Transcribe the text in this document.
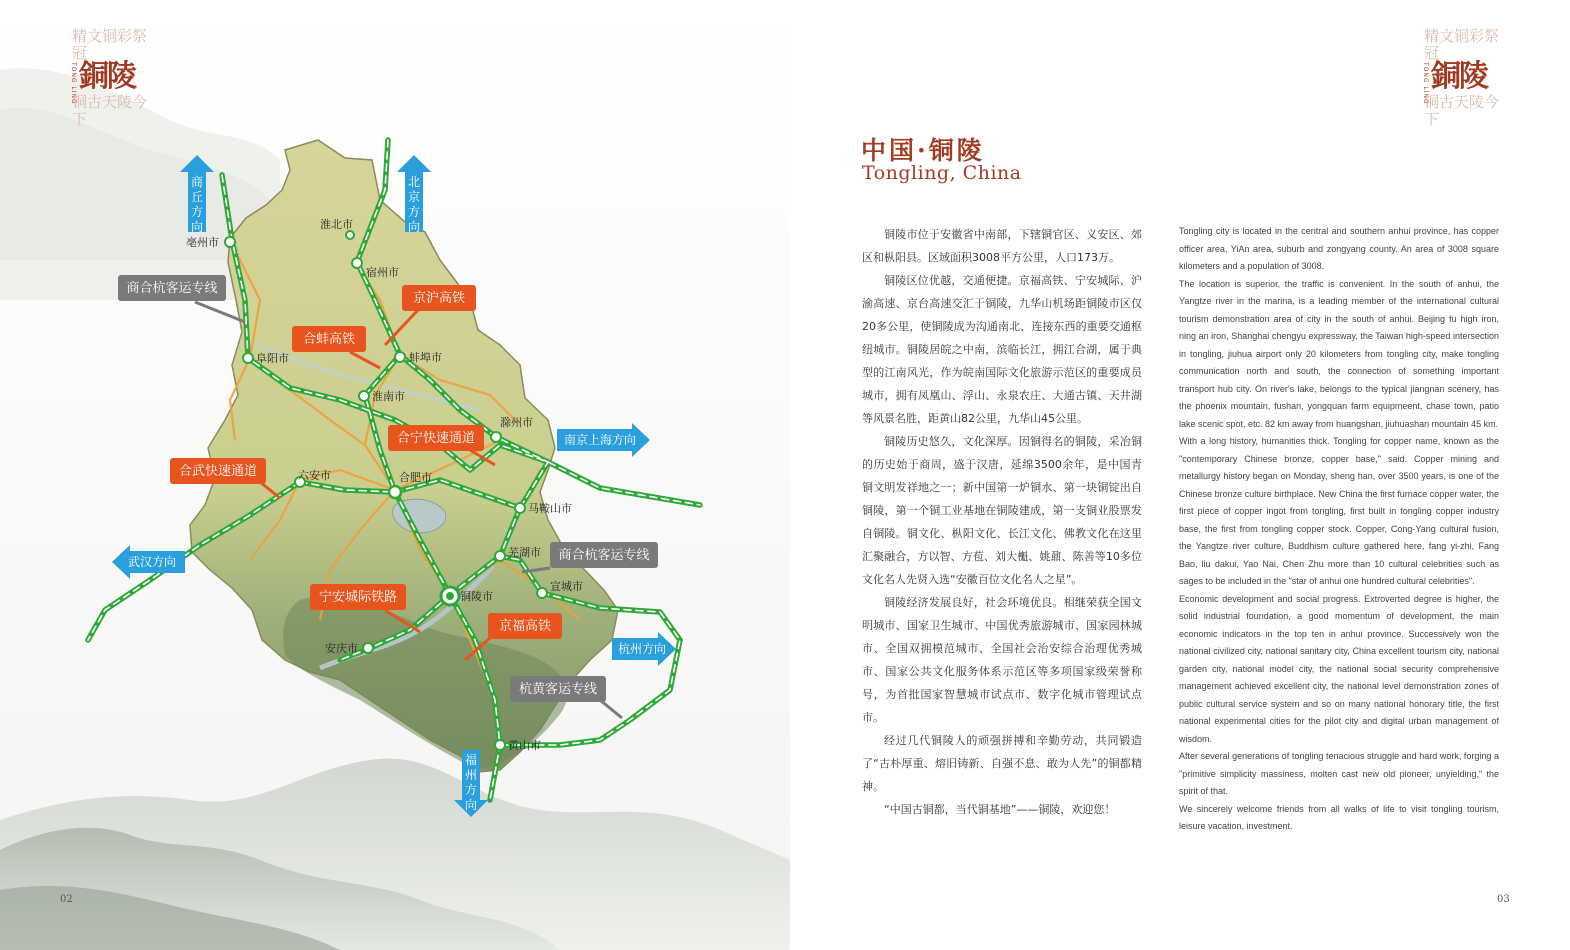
精文铜彩祭冠
TONG LING 銅陵
铜古天陵今下
精文铜彩祭冠
TONG LING 銅陵
铜古天陵今下
亳州市
淮北市
宿州市
阜阳市	蚌埠市
淮南市
滁州市
六安市	合肥市
马鞍山市
芜湖市
宣城市
铜陵市
安庆市
黄山市
商合杭客运专线
京沪高铁
合蚌高铁
合宁快速通道
合武快速通道
商合杭客运专线
宁安城际铁路
京福高铁
杭黄客运专线
商
丘
方
向
北
京
方
向
南京上海方向
武汉方向
杭州方向
福
州
方
向
中国·铜陵
Tongling, China

铜陵市位于安徽省中南部，下辖铜官区、义安区、郊区和枞阳县。区域面积3008平方公里，人口173万。

铜陵区位优越，交通便捷。京福高铁、宁安城际、沪渝高速、京台高速交汇于铜陵，九华山机场距铜陵市区仅20多公里，使铜陵成为沟通南北、连接东西的重要交通枢纽城市。铜陵居皖之中南，滨临长江，拥江合湖，属于典型的江南风光，作为皖南国际文化旅游示范区的重要成员城市，拥有凤凰山、浮山、永泉农庄、大通古镇、天井湖等风景名胜，距黄山82公里，九华山45公里。

铜陵历史悠久，文化深厚。因铜得名的铜陵，采冶铜的历史始于商周，盛于汉唐，延绵3500余年，是中国青铜文明发祥地之一；新中国第一炉铜水、第一块铜锭出自铜陵，第一个铜工业基地在铜陵建成，第一支铜业股票发自铜陵。铜文化、枞阳文化、长江文化、佛教文化在这里汇聚融合，方以智、方苞、刘大櫆、姚鼐、陈善等10多位文化名人先贤入选“安徽百位文化名人之星”。

铜陵经济发展良好，社会环境优良。相继荣获全国文明城市、国家卫生城市、中国优秀旅游城市、国家园林城市、全国双拥模范城市、全国社会治安综合治理优秀城市、国家公共文化服务体系示范区等多项国家级荣誉称号，为首批国家智慧城市试点市、数字化城市管理试点市。

经过几代铜陵人的顽强拼搏和辛勤劳动，共同锻造了“古朴厚重、熔旧铸新、自强不息、敢为人先”的铜都精神。

“中国古铜都，当代铜基地”——铜陵，欢迎您！

Tongling city is located in the central and southern anhui province, has copper officer area, YiAn area, suburb and zongyang county. An area of 3008 square kilometers and a population of 3008.

The location is superior, the traffic is convenient. In the south of anhui, the Yangtze river in the marina, is a leading member of the international cultural tourism demonstration area of city in the south of anhui. Beijing fu high iron, ning an iron, Shanghai chengyu expressway, the Taiwan high-speed intersection in tongling, jiuhua airport only 20 kilometers from tongling city, make tongling communication north and south, the connection of something important transport hub city. On river's lake, belongs to the typical jiangnan scenery, has the phoenix mountain, fushan, yongquan farm equipmeent, chase town, patio lake scenic spot, etc. 82 km away from huangshan, jiuhuashan mountain 45 km.

With a long history, humanities thick. Tongling for copper name, known as the "contemporary Chinese bronze, copper base," said. Copper mining and metallurgy history began on Monday, sheng han, over 3500 years, is one of the Chinese bronze culture birthplace. New China the first furnace copper water, the first piece of copper ingot from tongling, first built in tongling copper industry base, the first from tongling copper stock. Copper, Cong-Yang cultural fusion, the Yangtze river culture, Buddhism culture gathered here, fang yi-zhi, Fang Bao, liu dakui, Yao Nai, Chen Zhu more than 10 cultural celebrities such as sages to be included in the "star of anhui one hundred cultural celebrities".

Economic development and social progress. Extroverted degree is higher, the solid industrial foundation, a good momentum of development, the main economic indicators in the top ten in anhui province. Successively won the national civilized city, national sanitary city, China excellent tourism city, national garden city, national model city, the national social security comprehensive management achieved excellent city, the national level demonstration zones of public cultural service system and so on many national honorary title, the first national experimental cities for the pilot city and digital urban management of wisdom.

After several generations of tongling tenacious struggle and hard work, forging a "primitive simplicity massiness, molten cast new old pioneer, unyielding," the spirit of that.

We sincerely welcome friends from all walks of life to visit tongling tourism, leisure vacation, investment.

02	03
